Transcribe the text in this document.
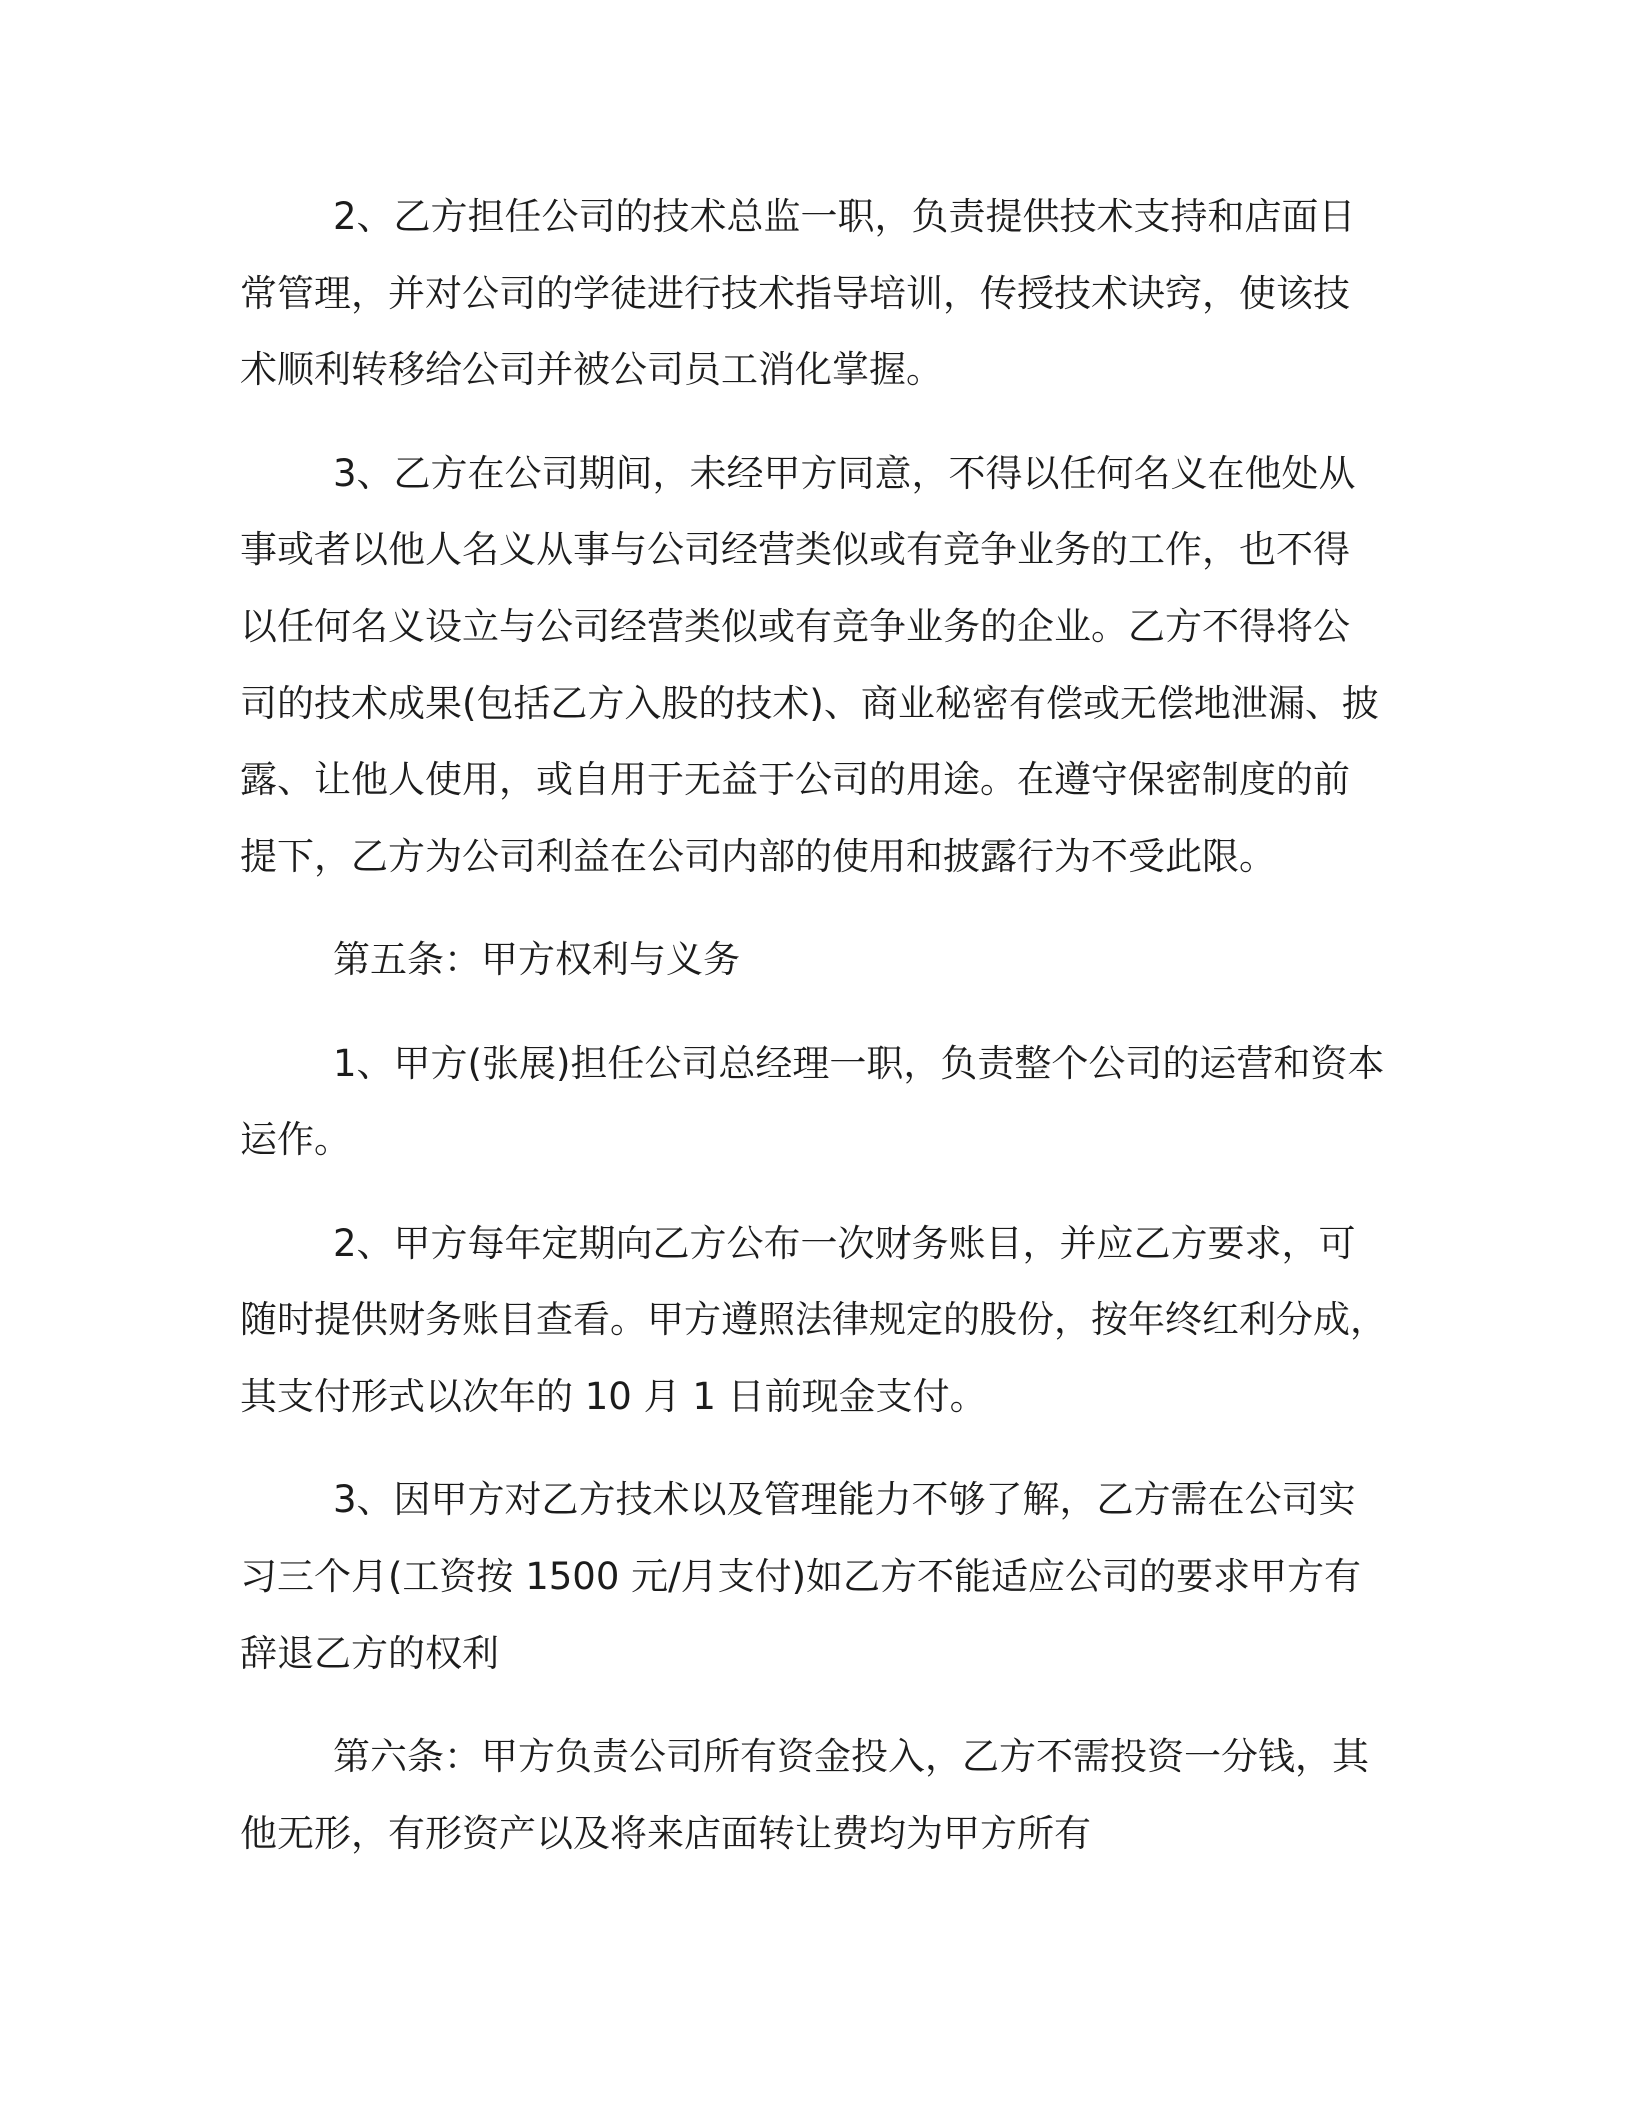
2、乙方担任公司的技术总监一职，负责提供技术支持和店面日
常管理，并对公司的学徒进行技术指导培训，传授技术诀窍，使该技
术顺利转移给公司并被公司员工消化掌握。
3、乙方在公司期间，未经甲方同意，不得以任何名义在他处从
事或者以他人名义从事与公司经营类似或有竞争业务的工作，也不得
以任何名义设立与公司经营类似或有竞争业务的企业。乙方不得将公
司的技术成果(包括乙方入股的技术)、商业秘密有偿或无偿地泄漏、披
露、让他人使用，或自用于无益于公司的用途。在遵守保密制度的前
提下，乙方为公司利益在公司内部的使用和披露行为不受此限。
第五条：甲方权利与义务
1、甲方(张展)担任公司总经理一职，负责整个公司的运营和资本
运作。
2、甲方每年定期向乙方公布一次财务账目，并应乙方要求，可
随时提供财务账目查看。甲方遵照法律规定的股份，按年终红利分成，
其支付形式以次年的 10 月 1 日前现金支付。
3、因甲方对乙方技术以及管理能力不够了解，乙方需在公司实
习三个月(工资按 1500 元/月支付)如乙方不能适应公司的要求甲方有
辞退乙方的权利
第六条：甲方负责公司所有资金投入，乙方不需投资一分钱，其
他无形，有形资产以及将来店面转让费均为甲方所有
